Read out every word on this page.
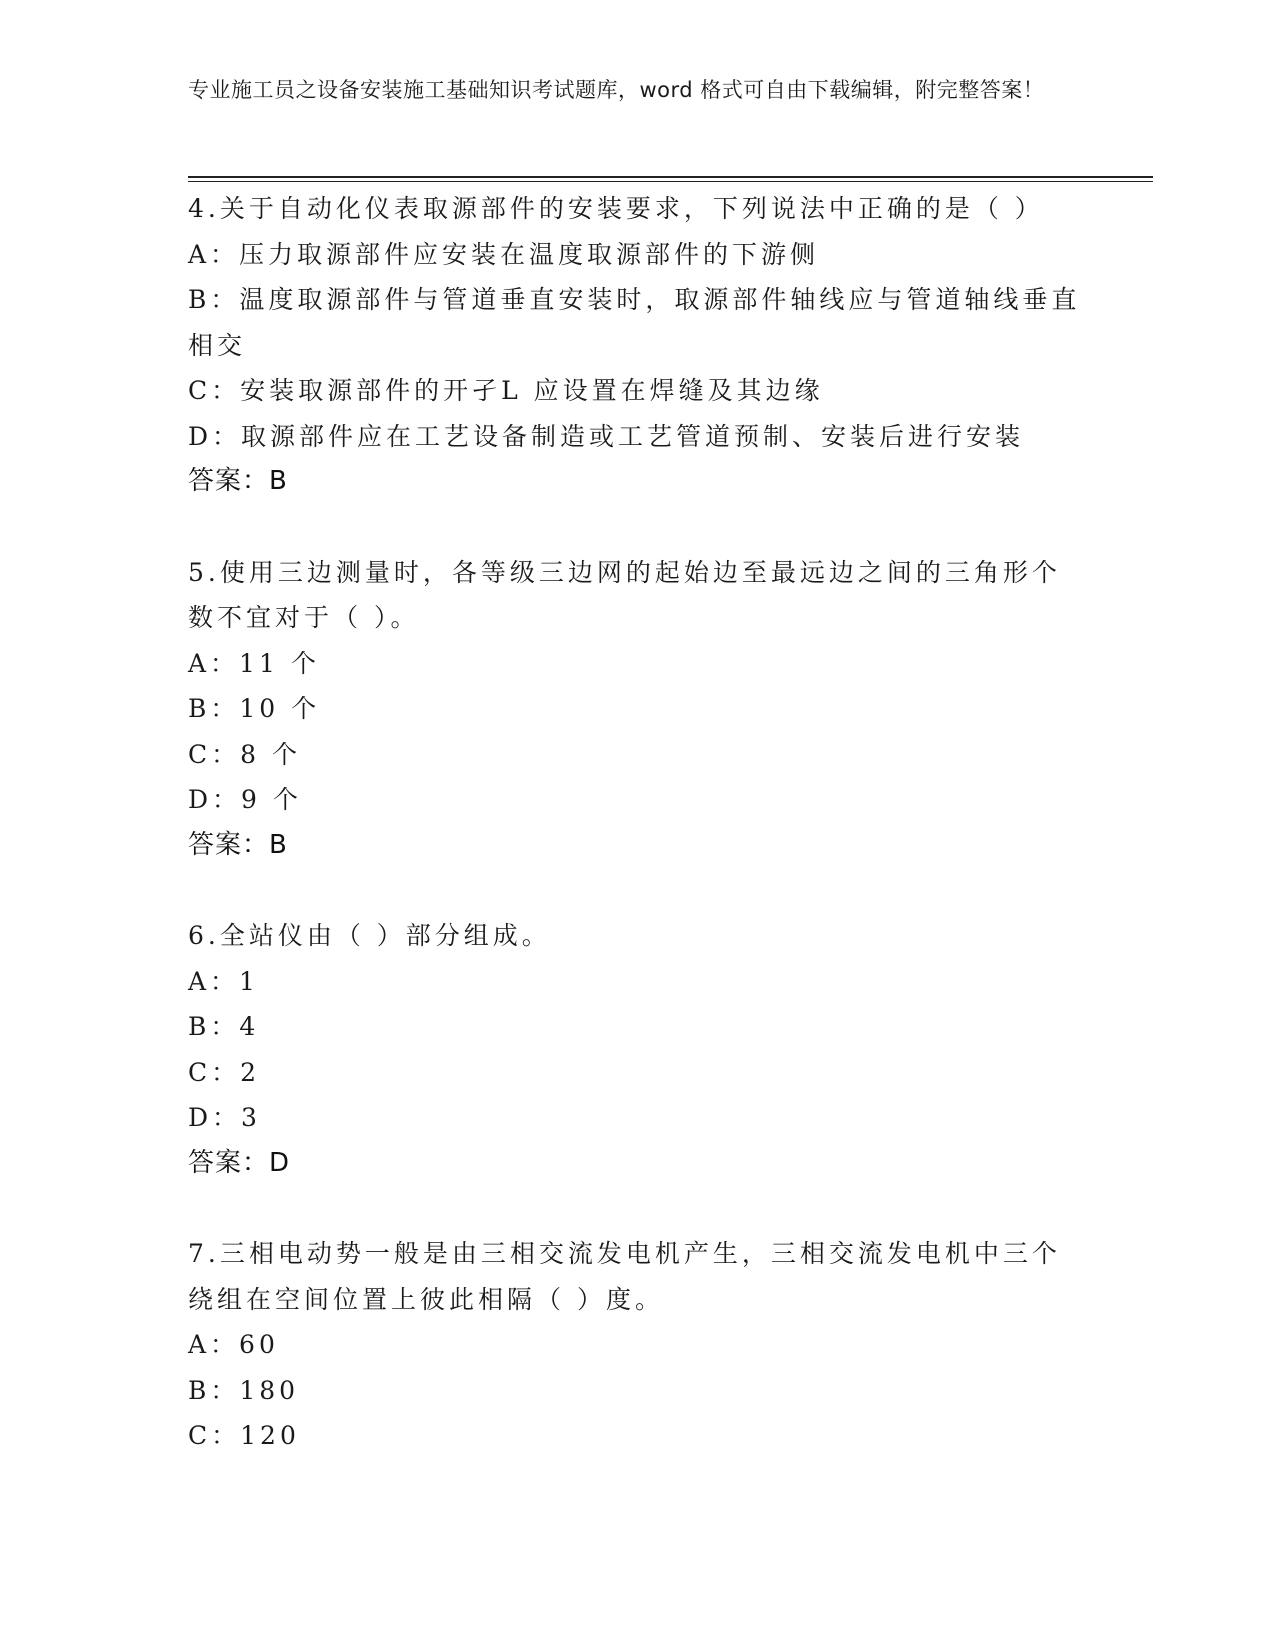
专业施工员之设备安装施工基础知识考试题库，word 格式可自由下载编辑，附完整答案！
4.关于自动化仪表取源部件的安装要求，下列说法中正确的是（ ）
A：压力取源部件应安装在温度取源部件的下游侧
B：温度取源部件与管道垂直安装时，取源部件轴线应与管道轴线垂直相交
C：安装取源部件的开孑L 应设置在焊缝及其边缘
D：取源部件应在工艺设备制造或工艺管道预制、安装后进行安装
答案：B
5.使用三边测量时，各等级三边网的起始边至最远边之间的三角形个数不宜对于（ ）。
A：11 个
B：10 个
C：8 个
D：9 个
答案：B
6.全站仪由（ ）部分组成。
A：1
B：4
C：2
D：3
答案：D
7.三相电动势一般是由三相交流发电机产生，三相交流发电机中三个绕组在空间位置上彼此相隔（ ）度。
A：60
B：180
C：120
